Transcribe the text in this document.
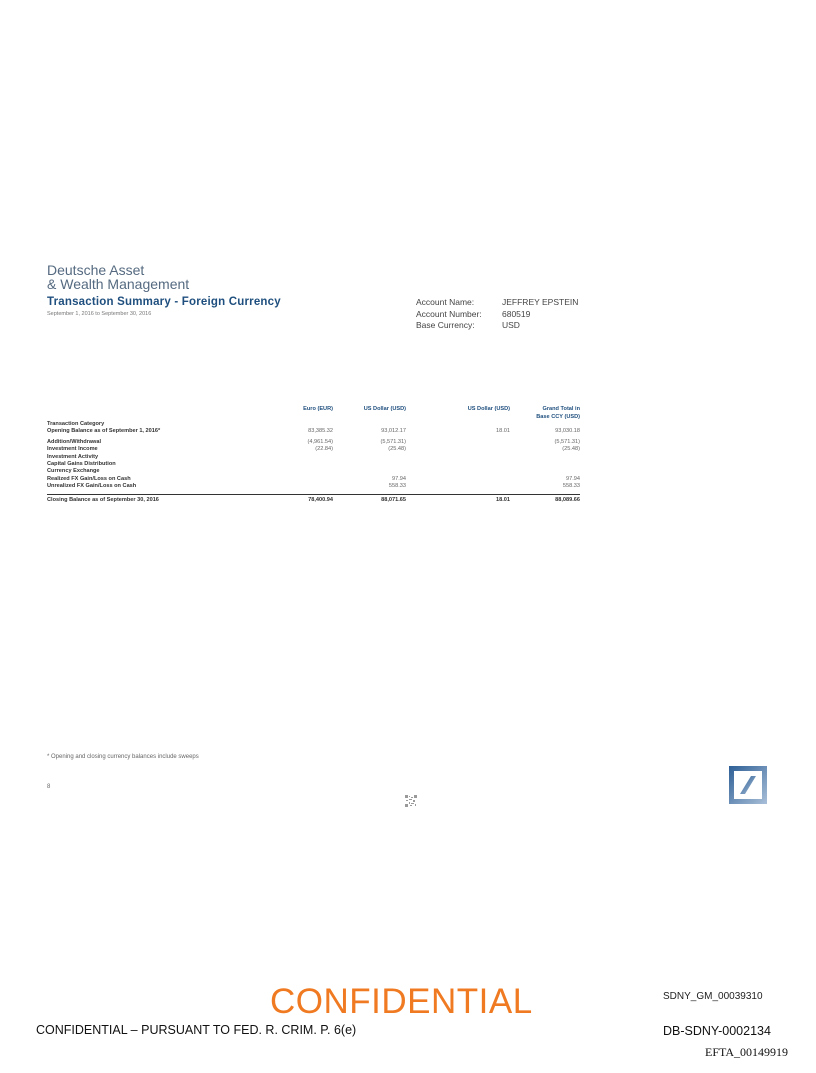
Deutsche Asset
& Wealth Management
Transaction Summary - Foreign Currency
September 1, 2016 to September 30, 2016
Account Name:	JEFFREY EPSTEIN
Account Number:	680519
Base Currency:	USD
	Euro (EUR)	US Dollar (USD)	US Dollar (USD)	Grand Total in
Base CCY (USD)

Transaction Category				
Opening Balance as of September 1, 2016*	83,385.32	93,012.17	18.01	93,030.18

Addition/Withdrawal	(4,961.54)	(5,571.31)		(5,571.31)
Investment Income	(22.84)	(25.48)		(25.48)
Investment Activity				
Capital Gains Distribution				
Currency Exchange				
Realized FX Gain/Loss on Cash		97.94		97.94
Unrealized FX Gain/Loss on Cash		558.33		558.33

Closing Balance as of September 30, 2016	78,400.94	88,071.65	18.01	88,089.66
* Opening and closing currency balances include sweeps
8
CONFIDENTIAL
CONFIDENTIAL – PURSUANT TO FED. R. CRIM. P. 6(e)
SDNY_GM_00039310
DB-SDNY-0002134
EFTA_00149919
